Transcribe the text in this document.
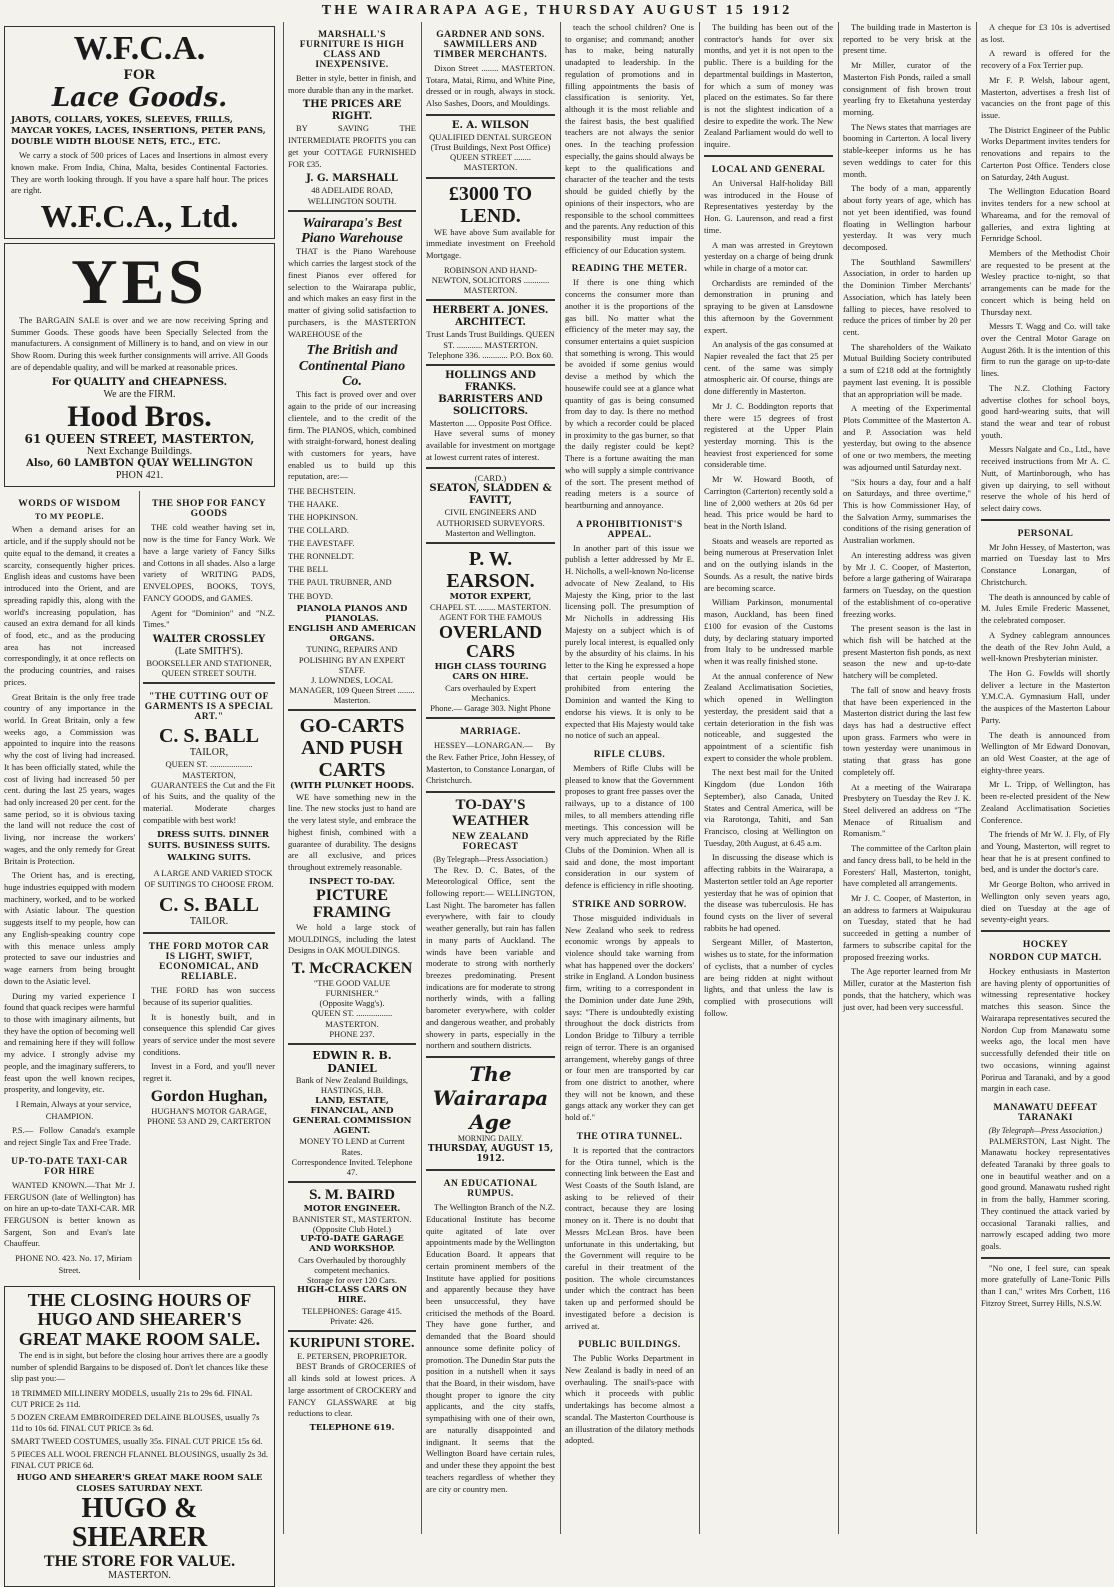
THE WAIRARAPA AGE, THURSDAY AUGUST 15 1912
W.F.C.A.
FOR
Lace Goods.
JABOTS, COLLARS, YOKES, SLEEVES, FRILLS, MAYCAR YOKES, LACES, INSERTIONS, PETER PANS, DOUBLE WIDTH BLOUSE NETS, ETC., ETC.
We carry a stock of 500 prices of Laces and Insertions in almost every known make. From India, China, Malta, besides Continental Factories. They are worth looking through. If you have a spare half hour. The prices are right.
W.F.C.A., Ltd.
YES
The BARGAIN SALE is over and we are now receiving Spring and Summer Goods. These goods have been Specially Selected from the manufacturers. A consignment of Millinery is to hand, and on view in our Show Room. During this week further consignments will arrive. All Goods are of dependable quality, and will be marked at reasonable prices.
For QUALITY and CHEAPNESS.
We are the FIRM.
Hood Bros.
61 QUEEN STREET, MASTERTON,
Next Exchange Buildings.
Also, 60 LAMBTON QUAY WELLINGTON
PHON 421.
WORDS OF WISDOM
TO MY PEOPLE.

When a demand arises for an article, and if the supply should not be quite equal to the demand, it creates a scarcity, consequently higher prices. English ideas and customs have been introduced into the Orient, and are spreading rapidly this, along with the world's increasing population, has caused an extra demand for all kinds of food, etc., and as the producing area has not increased correspondingly, it at once reflects on the producing countries, and raises prices.

Great Britain is the only free trade country of any importance in the world. In Great Britain, only a few weeks ago, a Commission was appointed to inquire into the reasons why the cost of living had increased. It has been officially stated, while the cost of living had increased 50 per cent. during the last 25 years, wages had only increased 20 per cent. for the same period, so it is obvious taxing the land will not reduce the cost of living, nor increase the workers' wages, and the only remedy for Great Britain is Protection.

The Orient has, and is erecting, huge industries equipped with modern machinery, worked, and to be worked with Asiatic labour. The question suggests itself to my people, how can any English-speaking country cope with this menace unless amply protected to save our industries and wage earners from being brought down to the Asiatic level.

During my varied experience I found that quack recipes were harmful to those with imaginary ailments, but they have the option of becoming well and remaining here if they will follow my advice. I strongly advise my people, and the imaginary sufferers, to feast upon the well known recipes, prosperity, and longevity, etc.

I Remain, Always at your service, CHAMPION.

P.S.— Follow Canada's example and reject Single Tax and Free Trade.

UP-TO-DATE TAXI-CAR FOR HIRE

WANTED KNOWN.—That Mr J. FERGUSON (late of Wellington) has on hire an up-to-date TAXI-CAR. MR FERGUSON is better known as Sargent, Son and Evan's late Chauffeur.

PHONE NO. 423. No. 17, Miriam Street.

THE SHOP FOR FANCY GOODS

THE cold weather having set in, now is the time for Fancy Work. We have a large variety of Fancy Silks and Cottons in all shades. Also a large variety of WRITING PADS, ENVELOPES, BOOKS, TOYS, FANCY GOODS, and GAMES.

Agent for "Dominion" and "N.Z. Times."

WALTER CROSSLEY
(Late SMITH'S).
BOOKSELLER AND STATIONER, QUEEN STREET SOUTH.
"THE CUTTING OUT OF GARMENTS IS A SPECIAL ART."
C. S. BALL
TAILOR,
QUEEN ST. .................... MASTERTON,

GUARANTEES the Cut and the Fit of his Suits, and the quality of the material. Moderate charges compatible with best work!

DRESS SUITS. DINNER SUITS. BUSINESS SUITS. WALKING SUITS.

A LARGE AND VARIED STOCK OF SUITINGS TO CHOOSE FROM.

C. S. BALL
TAILOR.
THE FORD MOTOR CAR IS LIGHT, SWIFT, ECONOMICAL, AND RELIABLE.

THE FORD has won success because of its superior qualities.

It is honestly built, and in consequence this splendid Car gives years of service under the most severe conditions.

Invest in a Ford, and you'll never regret it.

Gordon Hughan,
HUGHAN'S MOTOR GARAGE,
PHONE 53 AND 29, CARTERTON
THE CLOSING HOURS OF HUGO AND SHEARER'S GREAT MAKE ROOM SALE.

The end is in sight, but before the closing hour arrives there are a goodly number of splendid Bargains to be disposed of. Don't let chances like these slip past you:—

18 TRIMMED MILLINERY MODELS, usually 21s to 29s 6d. FINAL CUT PRICE 2s 11d.
5 DOZEN CREAM EMBROIDERED DELAINE BLOUSES, usually 7s 11d to 10s 6d. FINAL CUT PRICE 3s 6d.
SMART TWEED COSTUMES, usually 35s. FINAL CUT PRICE 15s 6d.
5 PIECES ALL WOOL FRENCH FLANNEL BLOUSINGS, usually 2s 3d. FINAL CUT PRICE 6d.
HUGO AND SHEARER'S GREAT MAKE ROOM SALE CLOSES SATURDAY NEXT.
HUGO & SHEARER
THE STORE FOR VALUE.
MASTERTON.
MARSHALL'S FURNITURE IS HIGH CLASS AND INEXPENSIVE.

Better in style, better in finish, and more durable than any in the market.

THE PRICES ARE RIGHT.

BY SAVING THE INTERMEDIATE PROFITS you can get your COTTAGE FURNISHED FOR £35.

J. G. MARSHALL
48 ADELAIDE ROAD, WELLINGTON SOUTH.
Wairarapa's Best Piano Warehouse

THAT is the Piano Warehouse which carries the largest stock of the finest Pianos ever offered for selection to the Wairarapa public, and which makes an easy first in the matter of giving solid satisfaction to purchasers, is the MASTERTON WAREHOUSE of the

The British and Continental Piano Co.

This fact is proved over and over again to the pride of our increasing clientele, and to the credit of the firm. The PIANOS, which, combined with straight-forward, honest dealing with customers for years, have enabled us to build up this reputation, are:—

THE BECHSTEIN.
THE HAAKE.
THE HOPKINSON.
THE COLLARD.
THE EAVESTAFF.
THE RONNELDT.
THE BELL
THE PAUL TRUBNER, AND
THE BOYD.
PIANOLA PIANOS AND PIANOLAS.
ENGLISH AND AMERICAN ORGANS.
TUNING, REPAIRS AND POLISHING BY AN EXPERT STAFF.
J. LOWNDES, LOCAL MANAGER, 109 Queen Street ........ Masterton.
GO-CARTS AND PUSH CARTS
(WITH PLUNKET HOODS.

WE have something new in the line. The new stocks just to hand are the very latest style, and embrace the highest finish, combined with a guarantee of durability. The designs are all exclusive, and prices throughout extremely reasonable.

INSPECT TO-DAY.
PICTURE FRAMING

We hold a large stock of MOULDINGS, including the latest Designs in OAK MOULDINGS.

T. McCRACKEN
"THE GOOD VALUE FURNISHER."
(Opposite Wagg's).
QUEEN ST. ................. MASTERTON.
PHONE 237.
EDWIN R. B. DANIEL
Bank of New Zealand Buildings, HASTINGS, H.B.
LAND, ESTATE, FINANCIAL, AND GENERAL COMMISSION AGENT.
MONEY TO LEND at Current Rates.
Correspondence Invited. Telephone 47.
S. M. BAIRD
MOTOR ENGINEER.
BANNISTER ST., MASTERTON. (Opposite Club Hotel.)
UP-TO-DATE GARAGE AND WORKSHOP.
Cars Overhauled by thoroughly competent mechanics.
Storage for over 120 Cars.
HIGH-CLASS CARS ON HIRE.
TELEPHONES: Garage 415. Private: 426.
KURIPUNI STORE.
E. PETERSEN, PROPRIETOR.

BEST Brands of GROCERIES of all kinds sold at lowest prices. A large assortment of CROCKERY and FANCY GLASSWARE at big reductions to clear.

TELEPHONE 619.
GARDNER AND SONS. SAWMILLERS AND TIMBER MERCHANTS.

Dixon Street ........ MASTERTON. Totara, Matai, Rimu, and White Pine, dressed or in rough, always in stock. Also Sashes, Doors, and Mouldings.

E. A. WILSON
QUALIFIED DENTAL SURGEON
(Trust Buildings, Next Post Office) QUEEN STREET ........ MASTERTON.
£3000 TO LEND.

WE have above Sum available for immediate investment on Freehold Mortgage.

ROBINSON AND HAND-NEWTON, SOLICITORS ............ MASTERTON.
HERBERT A. JONES. ARCHITECT.
Trust Lands Trust Buildings. QUEEN ST. ............ MASTERTON. Telephone 336. ............ P.O. Box 60.
HOLLINGS AND FRANKS. BARRISTERS AND SOLICITORS.
Masterton ..... Opposite Post Office.

Have several sums of money available for investment on mortgage at lowest current rates of interest.

(CARD.)
SEATON, SLADDEN & FAVITT,
CIVIL ENGINEERS AND AUTHORISED SURVEYORS.
Masterton and Wellington.
P. W. EARSON.
MOTOR EXPERT,
CHAPEL ST. ........ MASTERTON.
AGENT FOR THE FAMOUS
OVERLAND CARS
HIGH CLASS TOURING CARS ON HIRE.
Cars overhauled by Expert Mechanics.
Phone.— Garage 303. Night Phone
MARRIAGE.

HESSEY—LONARGAN.— By the Rev. Father Price, John Hessey, of Masterton, to Constance Lonargan, of Christchurch.

TO-DAY'S WEATHER
NEW ZEALAND FORECAST
(By Telegraph—Press Association.)

The Rev. D. C. Bates, of the Meteorological Office, sent the following report:— WELLINGTON, Last Night. The barometer has fallen everywhere, with fair to cloudy weather generally, but rain has fallen in many parts of Auckland. The winds have been variable and moderate to strong with northerly breezes predominating. Present indications are for moderate to strong northerly winds, with a falling barometer everywhere, with colder and dangerous weather, and probably showery in parts, especially in the northern and southern districts.

The Wairarapa Age
MORNING DAILY.
THURSDAY, AUGUST 15, 1912.
AN EDUCATIONAL RUMPUS.

The Wellington Branch of the N.Z. Educational Institute has become quite agitated of late over appointments made by the Wellington Education Board. It appears that certain prominent members of the Institute have applied for positions and apparently because they have been unsuccessful, they have criticised the methods of the Board. They have gone further, and demanded that the Board should announce some definite policy of promotion. The Dunedin Star puts the position in a nutshell when it says that the Board, in their wisdom, have thought proper to ignore the city applicants, and the city staffs, sympathising with one of their own, are naturally disappointed and indignant. It seems that the Wellington Board have certain rules, and under these they appoint the best teachers regardless of whether they are city or country men.

teach the school children? One is to organise; and command; another has to make, being naturally unadapted to leadership. In the regulation of promotions and in filling appointments the basis of classification is seniority. Yet, although it is the most reliable and the fairest basis, the best qualified teachers are not always the senior ones. In the teaching profession especially, the gains should always be kept to the qualifications and character of the teacher and the tests should be guided chiefly by the opinions of their inspectors, who are responsible to the school committees and the parents. Any reduction of this responsibility must impair the efficiency of our Education system.

READING THE METER.

If there is one thing which concerns the consumer more than another it is the proportions of the gas bill. No matter what the efficiency of the meter may say, the consumer entertains a quiet suspicion that something is wrong. This would be avoided if some genius would devise a method by which the housewife could see at a glance what quantity of gas is being consumed from day to day. Is there no method by which a recorder could be placed in proximity to the gas burner, so that the daily register could be kept? There is a fortune awaiting the man who will supply a simple contrivance of the sort. The present method of reading meters is a source of heartburning and annoyance.

A PROHIBITIONIST'S APPEAL.

In another part of this issue we publish a letter addressed by Mr E. H. Nicholls, a well-known No-license advocate of New Zealand, to His Majesty the King, prior to the last licensing poll. The presumption of Mr Nicholls in addressing His Majesty on a subject which is of purely local interest, is equalled only by the absurdity of his claims. In his letter to the King he expressed a hope that certain people would be prohibited from entering the Dominion and wanted the King to endorse his views. It is only to be expected that His Majesty would take no notice of such an appeal.

RIFLE CLUBS.

Members of Rifle Clubs will be pleased to know that the Government proposes to grant free passes over the railways, up to a distance of 100 miles, to all members attending rifle meetings. This concession will be very much appreciated by the Rifle Clubs of the Dominion. When all is said and done, the most important consideration in our system of defence is efficiency in rifle shooting.

STRIKE AND SORROW.

Those misguided individuals in New Zealand who seek to redress economic wrongs by appeals to violence should take warning from what has happened over the dockers' strike in England. A London business firm, writing to a correspondent in the Dominion under date June 29th, says: "There is undoubtedly existing throughout the dock districts from London Bridge to Tilbury a terrible reign of terror. There is an organised arrangement, whereby gangs of three or four men are transported by car from one district to another, where they will not be known, and these gangs attack any worker they can get hold of."

THE OTIRA TUNNEL.

It is reported that the contractors for the Otira tunnel, which is the connecting link between the East and West Coasts of the South Island, are asking to be relieved of their contract, because they are losing money on it. There is no doubt that Messrs McLean Bros. have been unfortunate in this undertaking, but the Government will require to be careful in their treatment of the position. The whole circumstances under which the contract has been taken up and performed should be investigated before a decision is arrived at.

PUBLIC BUILDINGS.

The Public Works Department in New Zealand is badly in need of an overhauling. The snail's-pace with which it proceeds with public undertakings has become almost a scandal. The Masterton Courthouse is an illustration of the dilatory methods adopted.

The building has been out of the contractor's hands for over six months, and yet it is not open to the public. There is a building for the departmental buildings in Masterton, for which a sum of money was placed on the estimates. So far there is not the slightest indication of a desire to expedite the work. The New Zealand Parliament would do well to inquire.

LOCAL AND GENERAL

An Universal Half-holiday Bill was introduced in the House of Representatives yesterday by the Hon. G. Laurenson, and read a first time.

A man was arrested in Greytown yesterday on a charge of being drunk while in charge of a motor car.

Orchardists are reminded of the demonstration in pruning and spraying to be given at Lansdowne this afternoon by the Government expert.

An analysis of the gas consumed at Napier revealed the fact that 25 per cent. of the same was simply atmospheric air. Of course, things are done differently in Masterton.

Mr J. C. Boddington reports that there were 15 degrees of frost registered at the Upper Plain yesterday morning. This is the heaviest frost experienced for some considerable time.

Mr W. Howard Booth, of Carrington (Carterton) recently sold a line of 2,000 wethers at 20s 6d per head. This price would be hard to beat in the North Island.

Stoats and weasels are reported as being numerous at Preservation Inlet and on the outlying islands in the Sounds. As a result, the native birds are becoming scarce.

William Parkinson, monumental mason, Auckland, has been fined £100 for evasion of the Customs duty, by declaring statuary imported from Italy to be undressed marble when it was really finished stone.

At the annual conference of New Zealand Acclimatisation Societies, which opened in Wellington yesterday, the president said that a certain deterioration in the fish was noticeable, and suggested the appointment of a scientific fish expert to consider the whole problem.

The next best mail for the United Kingdom (due London 16th September), also Canada, United States and Central America, will be via Rarotonga, Tahiti, and San Francisco, closing at Wellington on Tuesday, 20th August, at 6.45 a.m.

In discussing the disease which is affecting rabbits in the Wairarapa, a Masterton settler told an Age reporter yesterday that he was of opinion that the disease was tuberculosis. He has found cysts on the liver of several rabbits he had opened.

Sergeant Miller, of Masterton, wishes us to state, for the information of cyclists, that a number of cycles are being ridden at night without lights, and that unless the law is complied with prosecutions will follow.

The building trade in Masterton is reported to be very brisk at the present time.

Mr Miller, curator of the Masterton Fish Ponds, railed a small consignment of fish brown trout yearling fry to Eketahuna yesterday morning.

The News states that marriages are booming in Carterton. A local livery stable-keeper informs us he has seven weddings to cater for this month.

The body of a man, apparently about forty years of age, which has not yet been identified, was found floating in Wellington harbour yesterday. It was very much decomposed.

The Southland Sawmillers' Association, in order to harden up the Dominion Timber Merchants' Association, which has lately been falling to pieces, have resolved to reduce the prices of timber by 20 per cent.

The shareholders of the Waikato Mutual Building Society contributed a sum of £218 odd at the fortnightly payment last evening. It is possible that an appropriation will be made.

A meeting of the Experimental Plots Committee of the Masterton A. and P. Association was held yesterday, but owing to the absence of one or two members, the meeting was adjourned until Saturday next.

"Six hours a day, four and a half on Saturdays, and three overtime," This is how Commissioner Hay, of the Salvation Army, summarises the conditions of the rising generation of Australian workmen.

An interesting address was given by Mr J. C. Cooper, of Masterton, before a large gathering of Wairarapa farmers on Tuesday, on the question of the establishment of co-operative freezing works.

The present season is the last in which fish will be hatched at the present Masterton fish ponds, as next season the new and up-to-date hatchery will be completed.

The fall of snow and heavy frosts that have been experienced in the Masterton district during the last few days has had a destructive effect upon grass. Farmers who were in town yesterday were unanimous in stating that grass has gone completely off.

At a meeting of the Wairarapa Presbytery on Tuesday the Rev J. K. Steel delivered an address on "The Menace of Ritualism and Romanism."

The committee of the Carlton plain and fancy dress ball, to be held in the Foresters' Hall, Masterton, tonight, have completed all arrangements.

Mr J. C. Cooper, of Masterton, in an address to farmers at Waipukurau on Tuesday, stated that he had succeeded in getting a number of farmers to subscribe capital for the proposed freezing works.

The Age reporter learned from Mr Miller, curator at the Masterton fish ponds, that the hatchery, which was just over, had been very successful.

A cheque for £3 10s is advertised as lost.

A reward is offered for the recovery of a Fox Terrier pup.

Mr F. P. Welsh, labour agent, Masterton, advertises a fresh list of vacancies on the front page of this issue.

The District Engineer of the Public Works Department invites tenders for renovations and repairs to the Carterton Post Office. Tenders close on Saturday, 24th August.

The Wellington Education Board invites tenders for a new school at Whareama, and for the removal of galleries, and extra lighting at Fernridge School.

Members of the Methodist Choir are requested to be present at the Wesley practice to-night, so that arrangements can be made for the concert which is being held on Thursday next.

Messrs T. Wagg and Co. will take over the Central Motor Garage on August 26th. It is the intention of this firm to run the garage on up-to-date lines.

The N.Z. Clothing Factory advertise clothes for school boys, good hard-wearing suits, that will stand the wear and tear of robust youth.

Messrs Nalgate and Co., Ltd., have received instructions from Mr A. C. Nutt, of Martinborough, who has given up dairying, to sell without reserve the whole of his herd of select dairy cows.

PERSONAL

Mr John Hessey, of Masterton, was married on Tuesday last to Mrs Constance Lonargan, of Christchurch.

The death is announced by cable of M. Jules Emile Frederic Massenet, the celebrated composer.

A Sydney cablegram announces the death of the Rev John Auld, a well-known Presbyterian minister.

The Hon G. Fowlds will shortly deliver a lecture in the Masterton Y.M.C.A. Gymnasium Hall, under the auspices of the Masterton Labour Party.

The death is announced from Wellington of Mr Edward Donovan, an old West Coaster, at the age of eighty-three years.

Mr L. Tripp, of Wellington, has been re-elected president of the New Zealand Acclimatisation Societies Conference.

The friends of Mr W. J. Fly, of Fly and Young, Masterton, will regret to hear that he is at present confined to bed, and is under the doctor's care.

Mr George Bolton, who arrived in Wellington only seven years ago, died on Tuesday at the age of seventy-eight years.

HOCKEY
NORDON CUP MATCH.

Hockey enthusiasts in Masterton are having plenty of opportunities of witnessing representative hockey matches this season. Since the Wairarapa representatives secured the Nordon Cup from Manawatu some weeks ago, the local men have successfully defended their title on two occasions, winning against Porirua and Taranaki, and by a good margin in each case.

MANAWATU DEFEAT TARANAKI
(By Telegraph—Press Association.)

PALMERSTON, Last Night. The Manawatu hockey representatives defeated Taranaki by three goals to one in beautiful weather and on a good ground. Manawatu rushed right in from the bally, Hammer scoring. They continued the attack varied by occasional Taranaki rallies, and narrowly escaped adding two more goals.

"No one, I feel sure, can speak more gratefully of Lane-Tonic Pills than I can," writes Mrs Corbett, 116 Fitzroy Street, Surrey Hills, N.S.W.
